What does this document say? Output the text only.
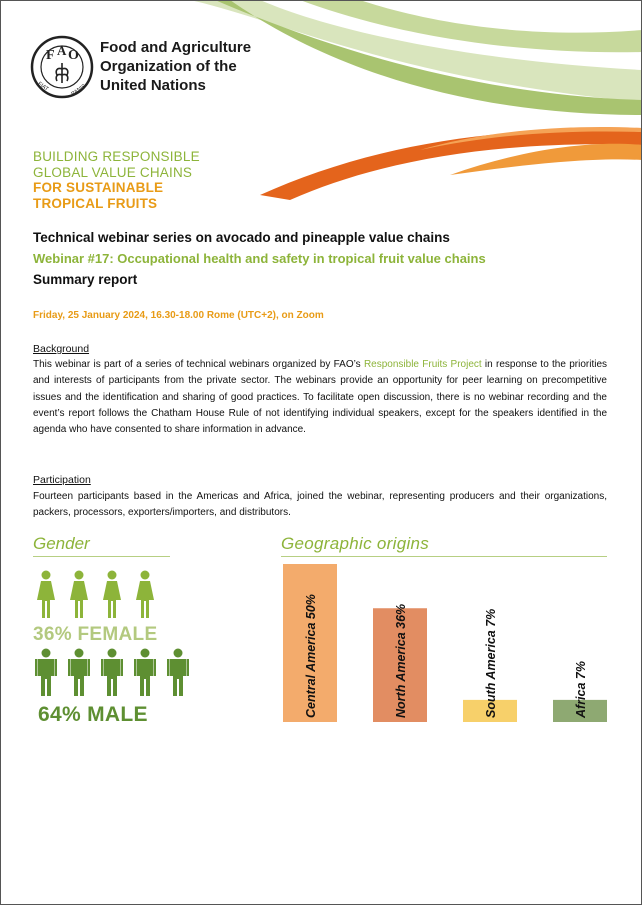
F A O
FIAT	PANIS
Food and Agriculture
Organization of the
United Nations
BUILDING RESPONSIBLE
GLOBAL VALUE CHAINS
FOR SUSTAINABLE
TROPICAL FRUITS
Technical webinar series on avocado and pineapple value chains
Webinar #17: Occupational health and safety in tropical fruit value chains
Summary report
Friday, 25 January 2024, 16.30-18.00 Rome (UTC+2), on Zoom
Background
This webinar is part of a series of technical webinars organized by FAO’s Responsible Fruits Project in response to the priorities and interests of participants from the private sector. The webinars provide an opportunity for peer learning on precompetitive issues and the identification and sharing of good practices. To facilitate open discussion, there is no webinar recording and the event’s report follows the Chatham House Rule of not identifying individual speakers, except for the speakers identified in the agenda who have consented to share information in advance.
Participation
Fourteen participants based in the Americas and Africa, joined the webinar, representing producers and their organizations, packers, processors, exporters/importers, and distributors.
Gender
36% FEMALE
64% MALE
Geographic origins
Central America 50%	North America 36%	South America 7%	Africa 7%
